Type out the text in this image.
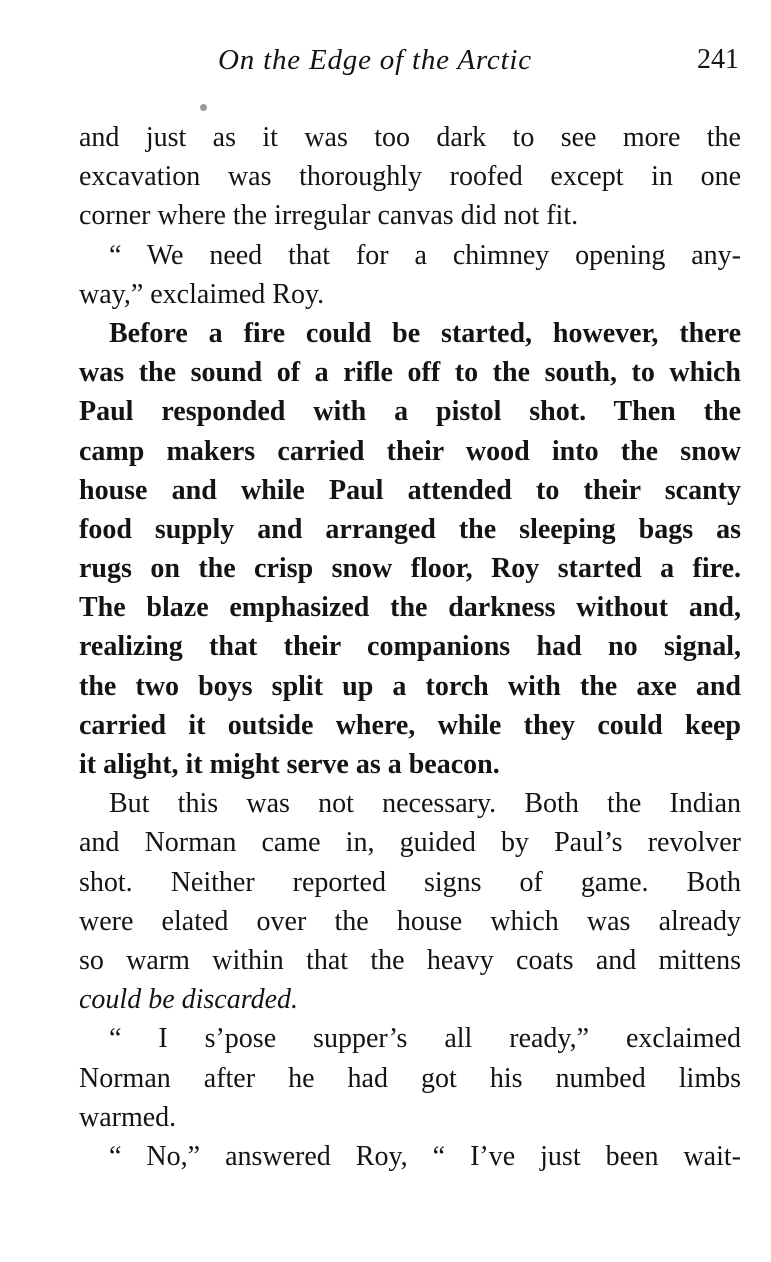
On the Edge of the Arctic	241
and just as it was too dark to see more the
excavation was thoroughly roofed except in one
corner where the irregular canvas did not fit.
“ We need that for a chimney opening any-
way,” exclaimed Roy.
Before a fire could be started, however, there
was the sound of a rifle off to the south, to which
Paul responded with a pistol shot. Then the
camp makers carried their wood into the snow
house and while Paul attended to their scanty
food supply and arranged the sleeping bags as
rugs on the crisp snow floor, Roy started a fire.
The blaze emphasized the darkness without and,
realizing that their companions had no signal,
the two boys split up a torch with the axe and
carried it outside where, while they could keep
it alight, it might serve as a beacon.
But this was not necessary. Both the Indian
and Norman came in, guided by Paul’s revolver
shot. Neither reported signs of game. Both
were elated over the house which was already
so warm within that the heavy coats and mittens
could be discarded.
“ I s’pose supper’s all ready,” exclaimed
Norman after he had got his numbed limbs
warmed.
“ No,” answered Roy, “ I’ve just been wait-
